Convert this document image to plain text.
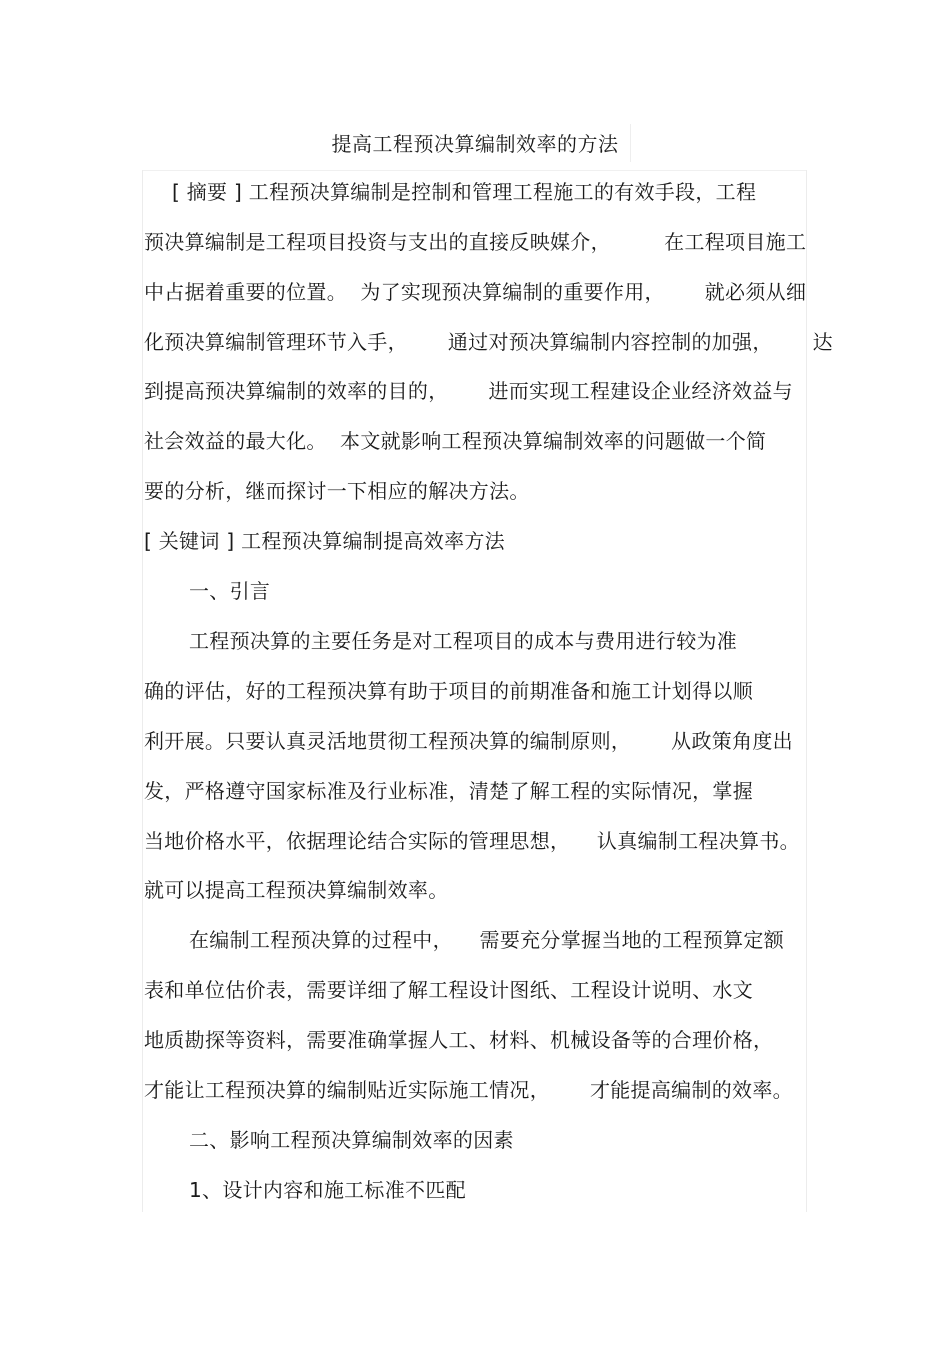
提高工程预决算编制效率的方法
[ 摘要 ] 工程预决算编制是控制和管理工程施工的有效手段，工程
预决算编制是工程项目投资与支出的直接反映媒介，        在工程项目施工
中占据着重要的位置。  为了实现预决算编制的重要作用，      就必须从细
化预决算编制管理环节入手，      通过对预决算编制内容控制的加强，      达
到提高预决算编制的效率的目的，      进而实现工程建设企业经济效益与
社会效益的最大化。  本文就影响工程预决算编制效率的问题做一个简
要的分析，继而探讨一下相应的解决方法。
[ 关键词 ] 工程预决算编制提高效率方法
一、引言
工程预决算的主要任务是对工程项目的成本与费用进行较为准
确的评估，好的工程预决算有助于项目的前期准备和施工计划得以顺
利开展。只要认真灵活地贯彻工程预决算的编制原则，      从政策角度出
发，严格遵守国家标准及行业标准，清楚了解工程的实际情况，掌握
当地价格水平，依据理论结合实际的管理思想，    认真编制工程决算书。
就可以提高工程预决算编制效率。
在编制工程预决算的过程中，    需要充分掌握当地的工程预算定额
表和单位估价表，需要详细了解工程设计图纸、工程设计说明、水文
地质勘探等资料，需要准确掌握人工、材料、机械设备等的合理价格，
才能让工程预决算的编制贴近实际施工情况，      才能提高编制的效率。
二、影响工程预决算编制效率的因素
1、设计内容和施工标准不匹配
